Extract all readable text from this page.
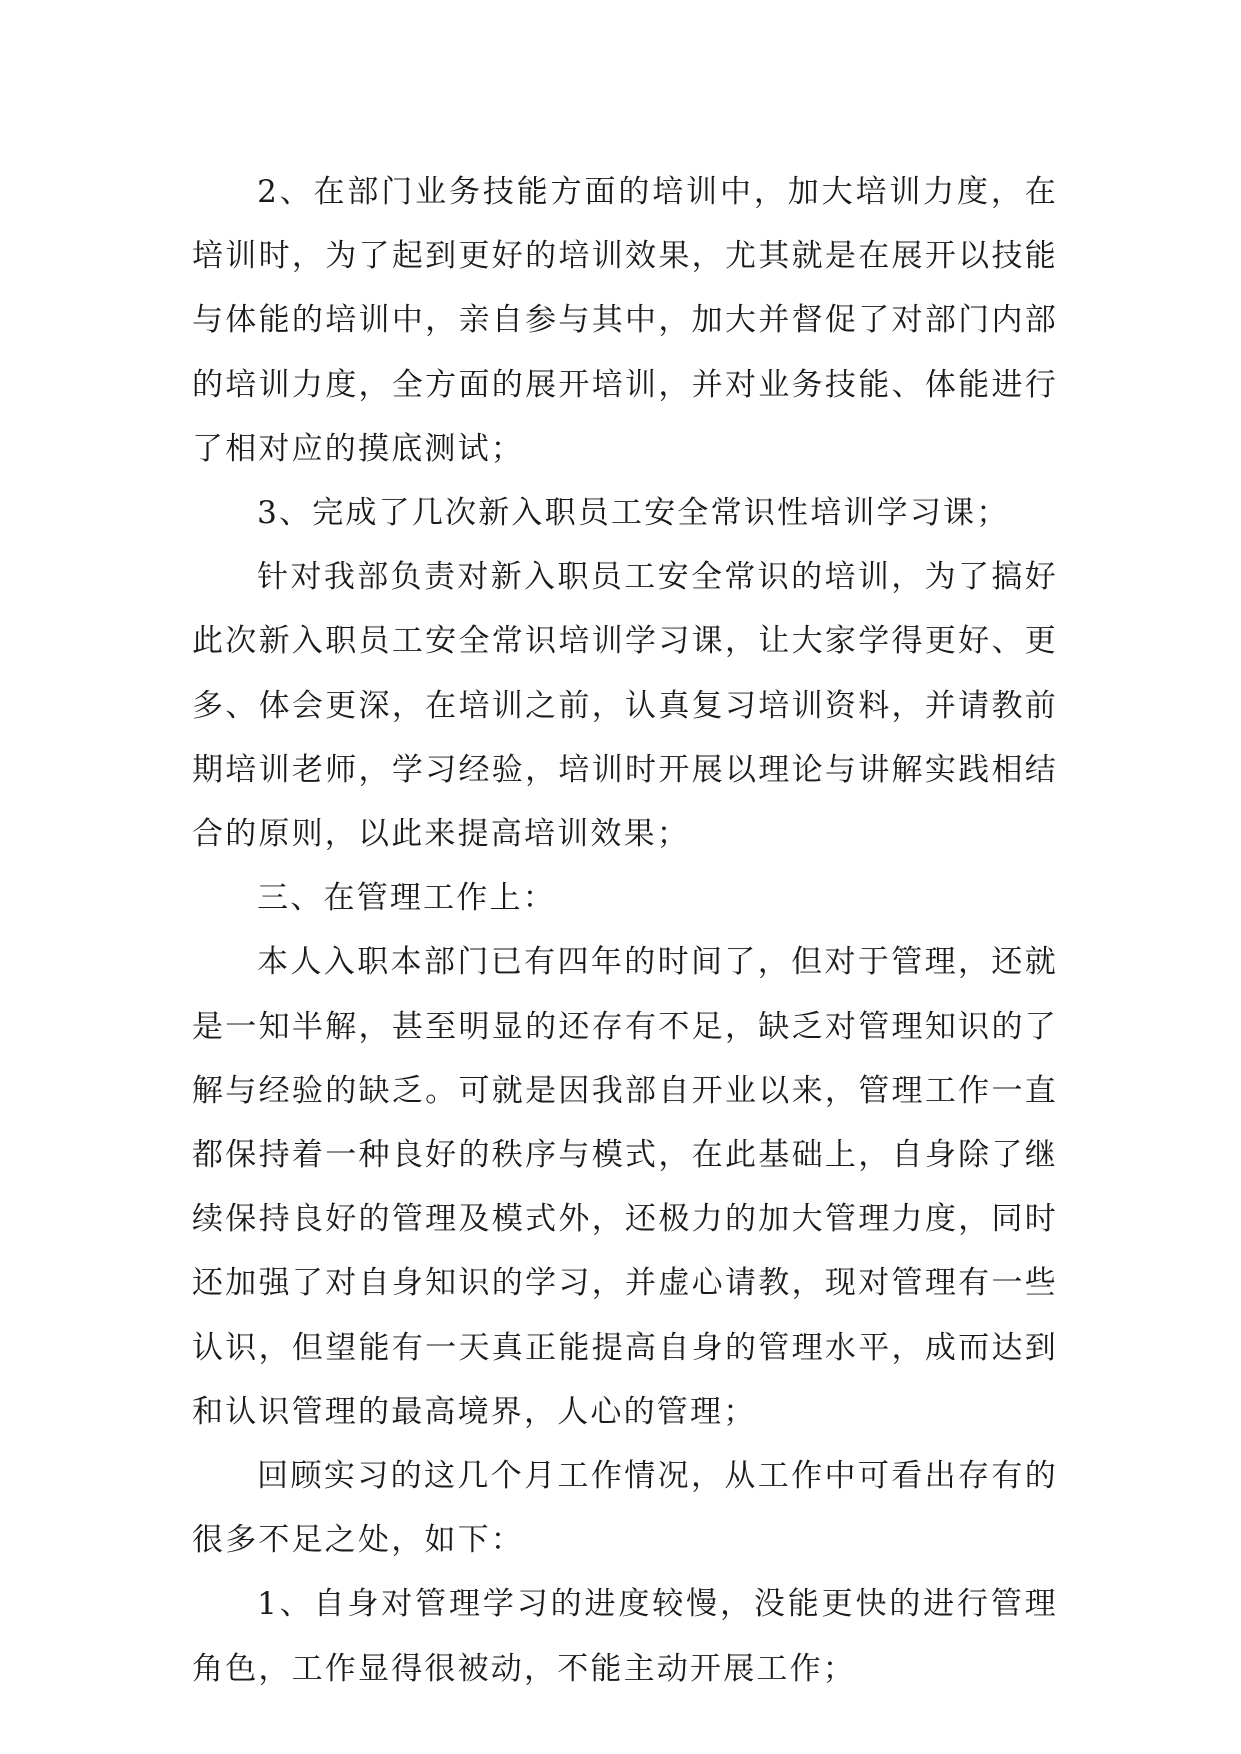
2、在部门业务技能方面的培训中，加大培训力度，在培训时，为了起到更好的培训效果，尤其就是在展开以技能与体能的培训中，亲自参与其中，加大并督促了对部门内部的培训力度，全方面的展开培训，并对业务技能、体能进行了相对应的摸底测试；

3、完成了几次新入职员工安全常识性培训学习课；

针对我部负责对新入职员工安全常识的培训，为了搞好此次新入职员工安全常识培训学习课，让大家学得更好、更多、体会更深，在培训之前，认真复习培训资料，并请教前期培训老师，学习经验，培训时开展以理论与讲解实践相结合的原则，以此来提高培训效果；

三、在管理工作上：

本人入职本部门已有四年的时间了，但对于管理，还就是一知半解，甚至明显的还存有不足，缺乏对管理知识的了解与经验的缺乏。可就是因我部自开业以来，管理工作一直都保持着一种良好的秩序与模式，在此基础上，自身除了继续保持良好的管理及模式外，还极力的加大管理力度，同时还加强了对自身知识的学习，并虚心请教，现对管理有一些认识，但望能有一天真正能提高自身的管理水平，成而达到和认识管理的最高境界，人心的管理；

回顾实习的这几个月工作情况，从工作中可看出存有的很多不足之处，如下：

1、自身对管理学习的进度较慢，没能更快的进行管理角色，工作显得很被动，不能主动开展工作；
